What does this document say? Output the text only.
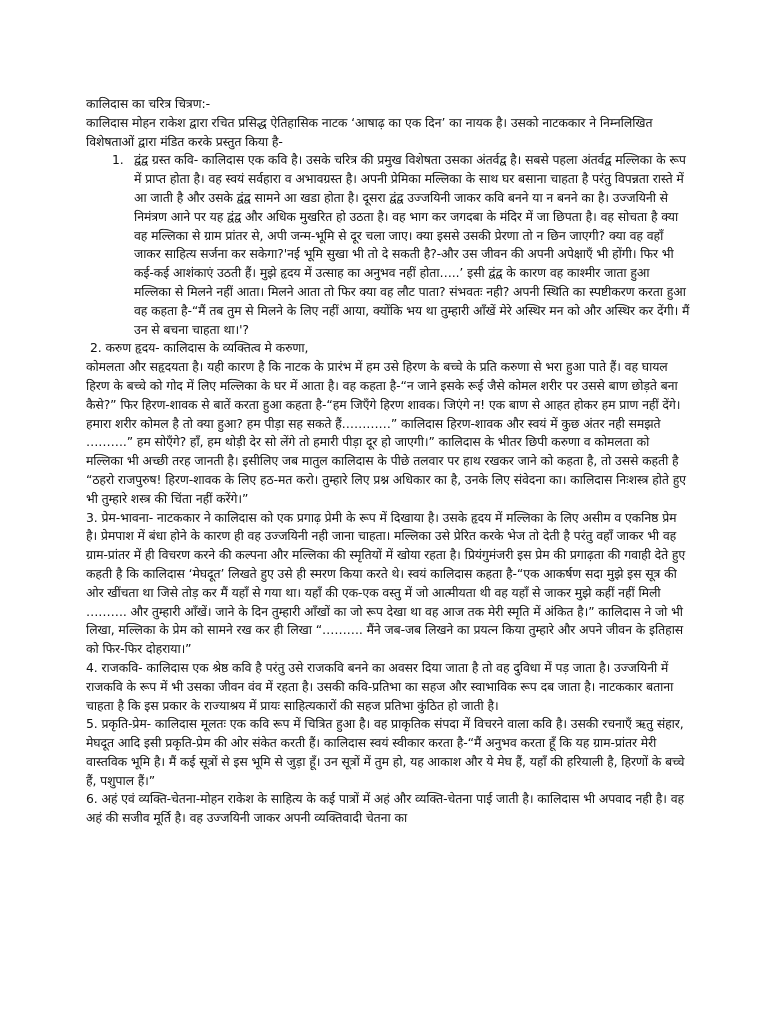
कालिदास का चरित्र चित्रण:-

कालिदास मोहन राकेश द्वारा रचित प्रसिद्ध ऐतिहासिक नाटक ‘आषाढ़ का एक दिन’ का नायक है। उसको नाटककार ने निम्नलिखित विशेषताओं द्वारा मंडित करके प्रस्तुत किया है-

1. द्वंद्व ग्रस्त कवि- कालिदास एक कवि है। उसके चरित्र की प्रमुख विशेषता उसका अंतर्वद्व है। सबसे पहला अंतर्वद्व मल्लिका के रूप में प्राप्त होता है। वह स्वयं सर्वहारा व अभावग्रस्त है। अपनी प्रेमिका मल्लिका के साथ घर बसाना चाहता है परंतु विपन्नता रास्ते में आ जाती है और उसके द्वंद्व सामने आ खडा होता है। दूसरा द्वंद्व उज्जयिनी जाकर कवि बनने या न बनने का है। उज्जयिनी से निमंत्रण आने पर यह द्वंद्व और अधिक मुखरित हो उठता है। वह भाग कर जगदबा के मंदिर में जा छिपता है। वह सोचता है क्या वह मल्लिका से ग्राम प्रांतर से, अपी जन्म-भूमि से दूर चला जाए। क्या इससे उसकी प्रेरणा तो न छिन जाएगी? क्या वह वहाँ जाकर साहित्य सर्जना कर सकेगा?'नई भूमि सुखा भी तो दे सकती है?-और उस जीवन की अपनी अपेक्षाएँ भी होंगी। फिर भी कई-कई आशंकाएं उठती हैं। मुझे हृदय में उत्साह का अनुभव नहीं होता…..’ इसी द्वंद्व के कारण वह काश्मीर जाता हुआ मल्लिका से मिलने नहीं आता। मिलने आता तो फिर क्या वह लौट पाता? संभवतः नही? अपनी स्थिति का स्पष्टीकरण करता हुआ वह कहता है-“मैं तब तुम से मिलने के लिए नहीं आया, क्योंकि भय था तुम्हारी आँखें मेरे अस्थिर मन को और अस्थिर कर देंगी। मैं उन से बचना चाहता था।'?

2. करुण हृदय- कालिदास के व्यक्तित्व मे करुणा,

कोमलता और सहृदयता है। यही कारण है कि नाटक के प्रारंभ में हम उसे हिरण के बच्चे के प्रति करुणा से भरा हुआ पाते हैं। वह घायल हिरण के बच्चे को गोद में लिए मल्लिका के घर में आता है। वह कहता है-“न जाने इसके रूई जैसे कोमल शरीर पर उससे बाण छोड़ते बना कैसे?” फिर हिरण-शावक से बातें करता हुआ कहता है-“हम जिएँगे हिरण शावक। जिएंगे न! एक बाण से आहत होकर हम प्राण नहीं देंगे। हमारा शरीर कोमल है तो क्या हुआ? हम पीड़ा सह सकते हैं…………” कालिदास हिरण-शावक और स्वयं में कुछ अंतर नही समझते ……….” हम सोएँगे? हाँ, हम थोड़ी देर सो लेंगे तो हमारी पीड़ा दूर हो जाएगी।” कालिदास के भीतर छिपी करुणा व कोमलता को मल्लिका भी अच्छी तरह जानती है। इसीलिए जब मातुल कालिदास के पीछे तलवार पर हाथ रखकर जाने को कहता है, तो उससे कहती है “ठहरो राजपुरुष! हिरण-शावक के लिए हठ-मत करो। तुम्हारे लिए प्रश्न अधिकार का है, उनके लिए संवेदना का। कालिदास निःशस्त्र होते हुए भी तुम्हारे शस्त्र की चिंता नहीं करेंगे।”

3. प्रेम-भावना- नाटककार ने कालिदास को एक प्रगाढ़ प्रेमी के रूप में दिखाया है। उसके हृदय में मल्लिका के लिए असीम व एकनिष्ठ प्रेम है। प्रेमपाश में बंधा होने के कारण ही वह उज्जयिनी नही जाना चाहता। मल्लिका उसे प्रेरित करके भेज तो देती है परंतु वहाँ जाकर भी वह ग्राम-प्रांतर में ही विचरण करने की कल्पना और मल्लिका की स्मृतियों में खोया रहता है। प्रियंगुमंजरी इस प्रेम की प्रगाढ़ता की गवाही देते हुए कहती है कि कालिदास ‘मेघदूत’ लिखते हुए उसे ही स्मरण किया करते थे। स्वयं कालिदास कहता है-“एक आकर्षण सदा मुझे इस सूत्र की ओर खींचता था जिसे तोड़ कर मैं यहाँ से गया था। यहाँ की एक-एक वस्तु में जो आत्मीयता थी वह यहाँ से जाकर मुझे कहीं नहीं मिली ………. और तुम्हारी आँखें। जाने के दिन तुम्हारी आँखों का जो रूप देखा था वह आज तक मेरी स्मृति में अंकित है।” कालिदास ने जो भी लिखा, मल्लिका के प्रेम को सामने रख कर ही लिखा “………. मैंने जब-जब लिखने का प्रयत्न किया तुम्हारे और अपने जीवन के इतिहास को फिर-फिर दोहराया।”

4. राजकवि- कालिदास एक श्रेष्ठ कवि है परंतु उसे राजकवि बनने का अवसर दिया जाता है तो वह दुविधा में पड़ जाता है। उज्जयिनी में राजकवि के रूप में भी उसका जीवन वंव में रहता है। उसकी कवि-प्रतिभा का सहज और स्वाभाविक रूप दब जाता है। नाटककार बताना चाहता है कि इस प्रकार के राज्याश्रय में प्रायः साहित्यकारों की सहज प्रतिभा कुंठित हो जाती है।

5. प्रकृति-प्रेम- कालिदास मूलतः एक कवि रूप में चित्रित हुआ है। वह प्राकृतिक संपदा में विचरने वाला कवि है। उसकी रचनाएँ ऋतु संहार, मेघदूत आदि इसी प्रकृति-प्रेम की ओर संकेत करती हैं। कालिदास स्वयं स्वीकार करता है-“मैं अनुभव करता हूँ कि यह ग्राम-प्रांतर मेरी वास्तविक भूमि है। मैं कई सूत्रों से इस भूमि से जुड़ा हूँ। उन सूत्रों में तुम हो, यह आकाश और ये मेघ हैं, यहाँ की हरियाली है, हिरणों के बच्चे हैं, पशुपाल हैं।”

6. अहं एवं व्यक्ति-चेतना-मोहन राकेश के साहित्य के कई पात्रों में अहं और व्यक्ति-चेतना पाई जाती है। कालिदास भी अपवाद नही है। वह अहं की सजीव मूर्ति है। वह उज्जयिनी जाकर अपनी व्यक्तिवादी चेतना का
